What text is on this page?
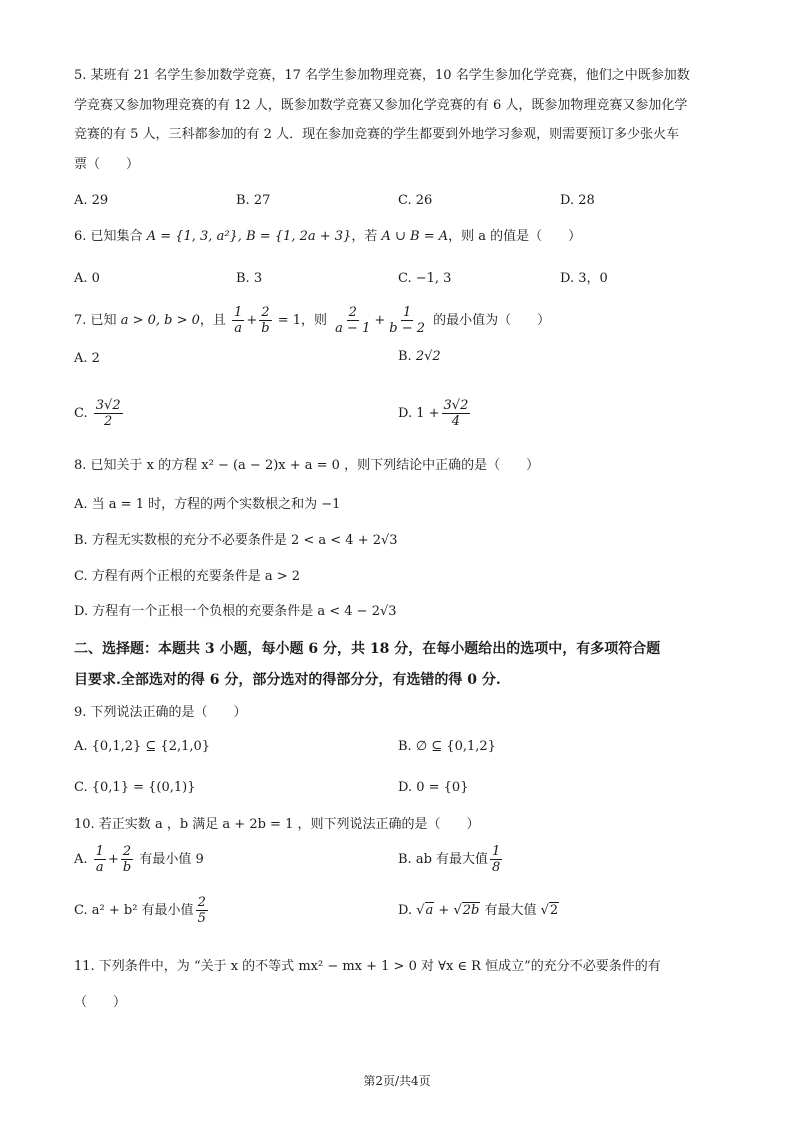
5. 某班有 21 名学生参加数学竞赛，17 名学生参加物理竞赛，10 名学生参加化学竞赛，他们之中既参加数
学竞赛又参加物理竞赛的有 12 人，既参加数学竞赛又参加化学竞赛的有 6 人，既参加物理竞赛又参加化学
竞赛的有 5 人，三科都参加的有 2 人．现在参加竞赛的学生都要到外地学习参观，则需要预订多少张火车
票（　　）
A. 29	B. 27	C. 26	D. 28
6. 已知集合 A = {1, 3, a²}, B = {1, 2a + 3}，若 A ∪ B = A，则 a 的值是（　　）
A. 0	B. 3	C. −1, 3	D. 3，0
7. 已知 a > 0, b > 0，且 $\frac{1}{a} + \frac{2}{b} = 1$，则 $\frac{2}{a - 1} + \frac{1}{b - 2}$ 的最小值为（　　）
A. 2	B. 2√2
C. $\frac{3√2}{2}$	D. $1 + \frac{3√2}{4}$
8. 已知关于 x 的方程 x² − (a − 2)x + a = 0 ，则下列结论中正确的是（　　）
A. 当 a = 1 时，方程的两个实数根之和为 −1
B. 方程无实数根的充分不必要条件是 2 < a < 4 + 2√3
C. 方程有两个正根的充要条件是 a > 2
D. 方程有一个正根一个负根的充要条件是 a < 4 − 2√3
二、选择题：本题共 3 小题，每小题 6 分，共 18 分，在每小题给出的选项中，有多项符合题
目要求.全部选对的得 6 分，部分选对的得部分分，有选错的得 0 分.
9. 下列说法正确的是（　　）
A. {0,1,2} ⊆ {2,1,0}	B. ∅ ⊆ {0,1,2}
C. {0,1} = {(0,1)}	D. 0 = {0}
10. 若正实数 a ，b 满足 a + 2b = 1 ，则下列说法正确的是（　　）
A. $\frac{1}{a} + \frac{2}{b}$ 有最小值 9	B. ab 有最大值 $\frac{1}{8}$
C. a² + b² 有最小值 $\frac{2}{5}$	D. √a + √2b 有最大值 √2
11. 下列条件中，为 “关于 x 的不等式 mx² − mx + 1 > 0 对 ∀x ∈ R 恒成立”的充分不必要条件的有
（　　）
第2页/共4页
